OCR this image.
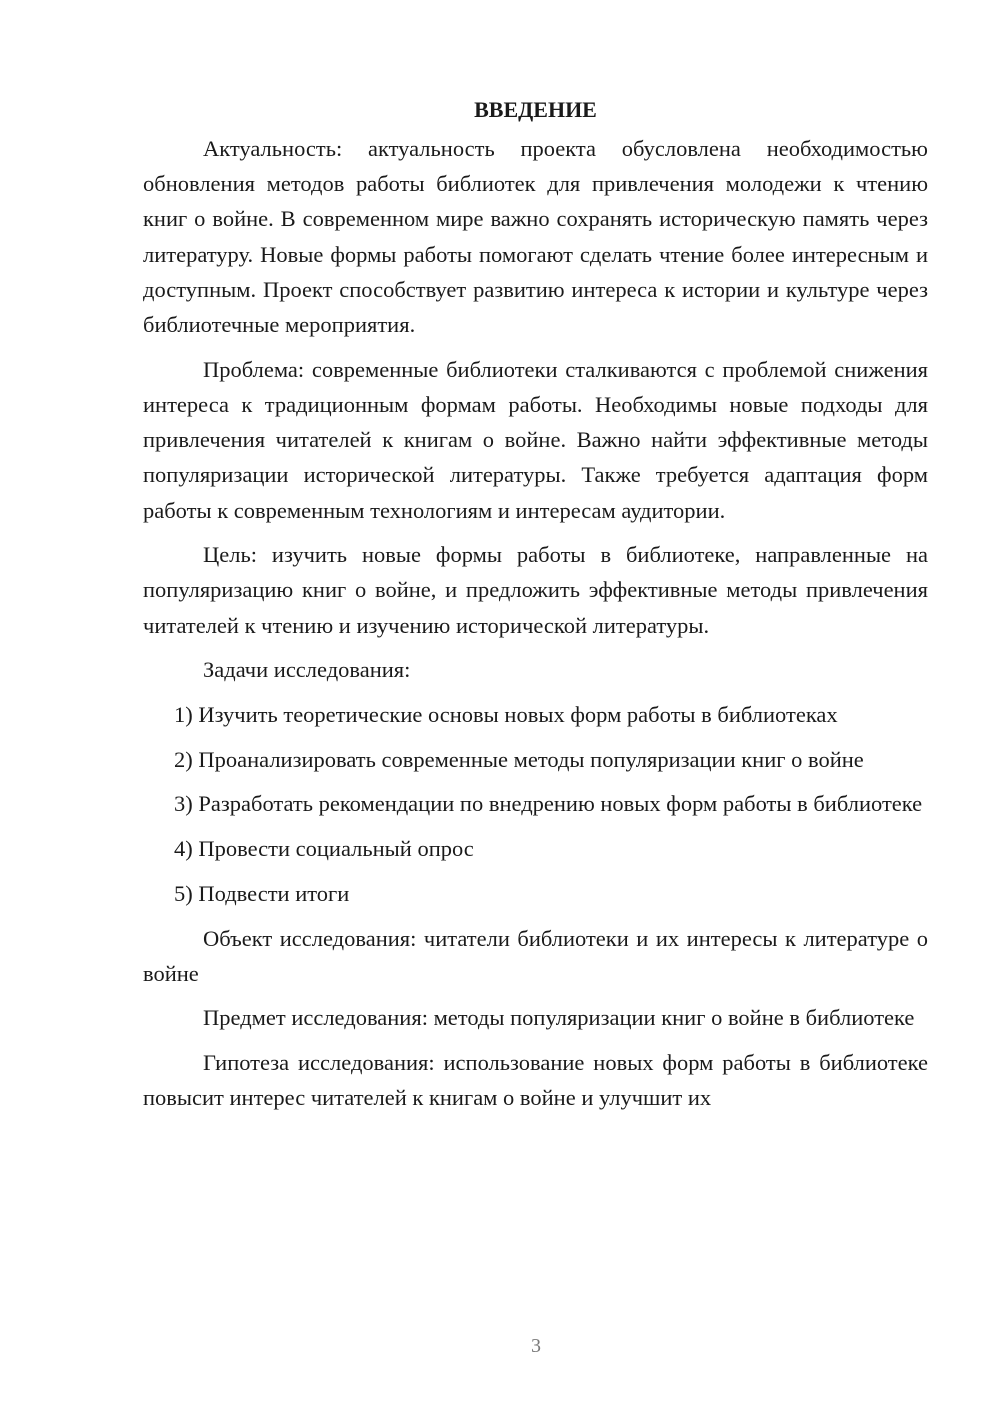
ВВЕДЕНИЕ
Актуальность: актуальность проекта обусловлена необходимостью обновления методов работы библиотек для привлечения молодежи к чтению книг о войне. В современном мире важно сохранять историческую память через литературу. Новые формы работы помогают сделать чтение более интересным и доступным. Проект способствует развитию интереса к истории и культуре через библиотечные мероприятия.
Проблема: современные библиотеки сталкиваются с проблемой снижения интереса к традиционным формам работы. Необходимы новые подходы для привлечения читателей к книгам о войне. Важно найти эффективные методы популяризации исторической литературы. Также требуется адаптация форм работы к современным технологиям и интересам аудитории.
Цель: изучить новые формы работы в библиотеке, направленные на популяризацию книг о войне, и предложить эффективные методы привлечения читателей к чтению и изучению исторической литературы.
Задачи исследования:
1) Изучить теоретические основы новых форм работы в библиотеках
2) Проанализировать современные методы популяризации книг о войне
3) Разработать рекомендации по внедрению новых форм работы в библиотеке
4) Провести социальный опрос
5) Подвести итоги
Объект исследования: читатели библиотеки и их интересы к литературе о войне
Предмет исследования: методы популяризации книг о войне в библиотеке
Гипотеза исследования: использование новых форм работы в библиотеке повысит интерес читателей к книгам о войне и улучшит их
3
